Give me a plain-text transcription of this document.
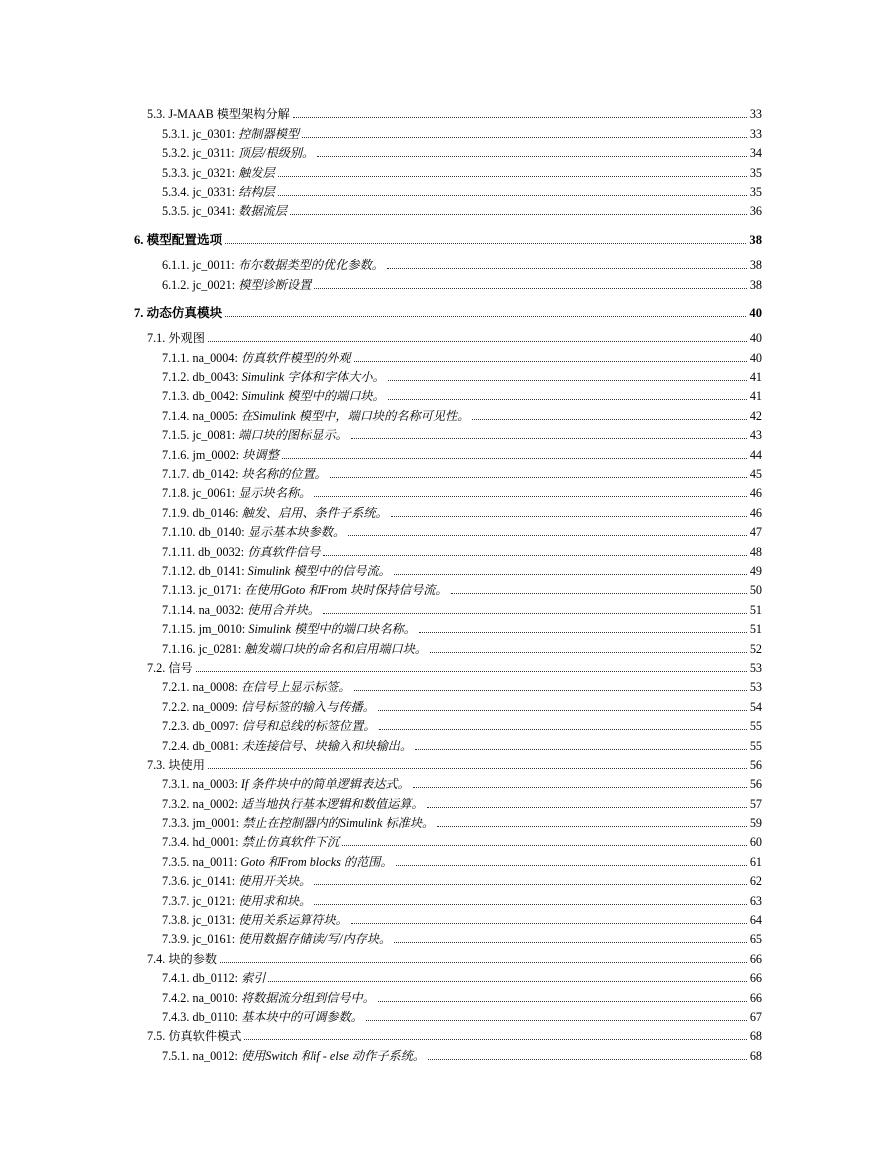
5.3. J-MAAB 模型架构分解	33
5.3.1. jc_0301: 控制器模型	33
5.3.2. jc_0311: 顶层/根级别。	34
5.3.3. jc_0321: 触发层	35
5.3.4. jc_0331: 结构层	35
5.3.5. jc_0341: 数据流层	36
6. 模型配置选项	38
6.1.1. jc_0011: 布尔数据类型的优化参数。	38
6.1.2. jc_0021: 模型诊断设置	38
7. 动态仿真模块	40
7.1. 外观图	40
7.1.1. na_0004: 仿真软件模型的外观	40
7.1.2. db_0043: Simulink 字体和字体大小。	41
7.1.3. db_0042: Simulink 模型中的端口块。	41
7.1.4. na_0005: 在Simulink 模型中，端口块的名称可见性。	42
7.1.5. jc_0081: 端口块的图标显示。	43
7.1.6. jm_0002: 块调整	44
7.1.7. db_0142: 块名称的位置。	45
7.1.8. jc_0061: 显示块名称。	46
7.1.9. db_0146: 触发、启用、条件子系统。	46
7.1.10. db_0140: 显示基本块参数。	47
7.1.11. db_0032: 仿真软件信号	48
7.1.12. db_0141: Simulink 模型中的信号流。	49
7.1.13. jc_0171: 在使用Goto 和From 块时保持信号流。	50
7.1.14. na_0032: 使用合并块。	51
7.1.15. jm_0010: Simulink 模型中的端口块名称。	51
7.1.16. jc_0281: 触发端口块的命名和启用端口块。	52
7.2. 信号	53
7.2.1. na_0008: 在信号上显示标签。	53
7.2.2. na_0009: 信号标签的输入与传播。	54
7.2.3. db_0097: 信号和总线的标签位置。	55
7.2.4. db_0081: 未连接信号、块输入和块输出。	55
7.3. 块使用	56
7.3.1. na_0003: If 条件块中的简单逻辑表达式。	56
7.3.2. na_0002: 适当地执行基本逻辑和数值运算。	57
7.3.3. jm_0001: 禁止在控制器内的Simulink 标准块。	59
7.3.4. hd_0001: 禁止仿真软件下沉	60
7.3.5. na_0011: Goto 和From blocks 的范围。	61
7.3.6. jc_0141: 使用开关块。	62
7.3.7. jc_0121: 使用求和块。	63
7.3.8. jc_0131: 使用关系运算符块。	64
7.3.9. jc_0161: 使用数据存储读/写/内存块。	65
7.4. 块的参数	66
7.4.1. db_0112: 索引	66
7.4.2. na_0010: 将数据流分组到信号中。	66
7.4.3. db_0110: 基本块中的可调参数。	67
7.5. 仿真软件模式	68
7.5.1. na_0012: 使用Switch 和if - else 动作子系统。	68
